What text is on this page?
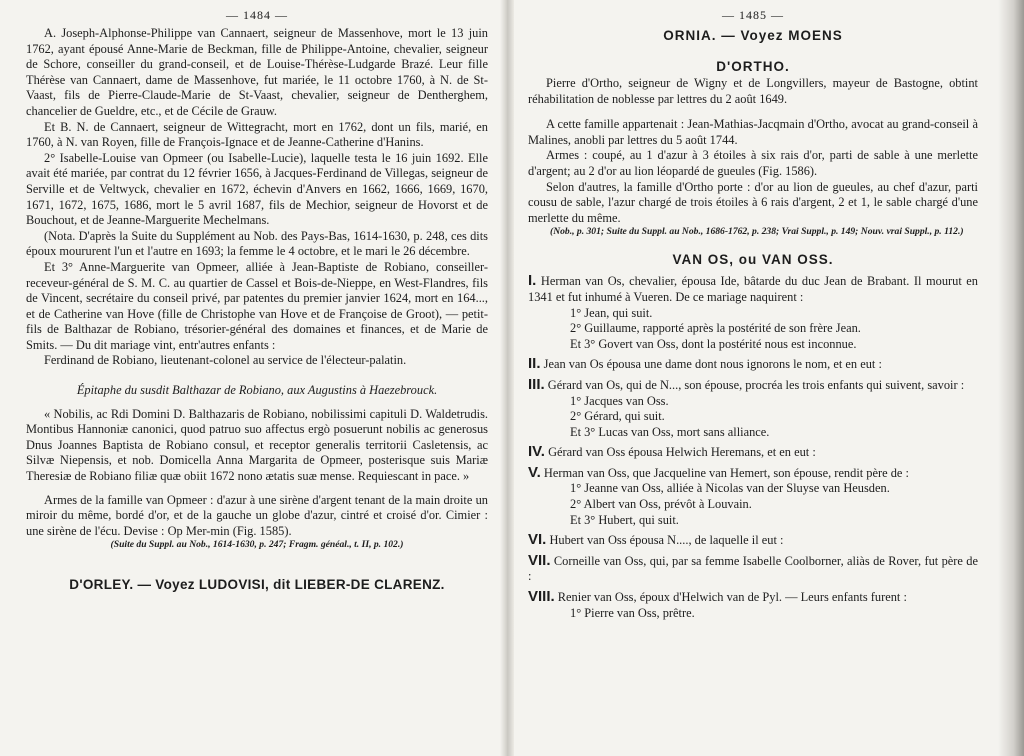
— 1484 —

A. Joseph-Alphonse-Philippe van Cannaert, seigneur de Massenhove, mort le 13 juin 1762, ayant épousé Anne-Marie de Beckman, fille de Philippe-Antoine, chevalier, seigneur de Schore, conseiller du grand-conseil, et de Louise-Thérèse-Ludgarde Brazé. Leur fille Thérèse van Cannaert, dame de Massenhove, fut mariée, le 11 octobre 1760, à N. de St-Vaast, fils de Pierre-Claude-Marie de St-Vaast, chevalier, seigneur de Dentherghem, chancelier de Gueldre, etc., et de Cécile de Grauw.

Et B. N. de Cannaert, seigneur de Wittegracht, mort en 1762, dont un fils, marié, en 1760, à N. van Royen, fille de François-Ignace et de Jeanne-Catherine d'Hanins.

2° Isabelle-Louise van Opmeer (ou Isabelle-Lucie), laquelle testa le 16 juin 1692. Elle avait été mariée, par contrat du 12 février 1656, à Jacques-Ferdinand de Villegas, seigneur de Serville et de Veltwyck, chevalier en 1672, échevin d'Anvers en 1662, 1666, 1669, 1670, 1671, 1672, 1675, 1686, mort le 5 avril 1687, fils de Mechior, seigneur de Hovorst et de Bouchout, et de Jeanne-Marguerite Mechelmans.

(Nota. D'après la Suite du Supplément au Nob. des Pays-Bas, 1614-1630, p. 248, ces dits époux moururent l'un et l'autre en 1693; la femme le 4 octobre, et le mari le 26 décembre.

Et 3° Anne-Marguerite van Opmeer, alliée à Jean-Baptiste de Robiano, conseiller-receveur-général de S. M. C. au quartier de Cassel et Bois-de-Nieppe, en West-Flandres, fils de Vincent, secrétaire du conseil privé, par patentes du premier janvier 1624, mort en 164..., et de Catherine van Hove (fille de Christophe van Hove et de Françoise de Groot), — petit-fils de Balthazar de Robiano, trésorier-général des domaines et finances, et de Marie de Smits. — Du dit mariage vint, entr'autres enfants :

Ferdinand de Robiano, lieutenant-colonel au service de l'électeur-palatin.

Épitaphe du susdit Balthazar de Robiano, aux Augustins à Haezebrouck.

« Nobilis, ac Rdi Domini D. Balthazaris de Robiano, nobilissimi capituli D. Waldetrudis. Montibus Hannoniæ canonici, quod patruo suo affectus ergò posuerunt nobilis ac generosus Dnus Joannes Baptista de Robiano consul, et receptor generalis territorii Casletensis, ac Silvæ Niepensis, et nob. Domicella Anna Margarita de Opmeer, posterisque suis Mariæ Theresiæ de Robiano filiæ quæ obiit 1672 nono ætatis suæ mense. Requiescant in pace. »

Armes de la famille van Opmeer : d'azur à une sirène d'argent tenant de la main droite un miroir du même, bordé d'or, et de la gauche un globe d'azur, cintré et croisé d'or. Cimier : une sirène de l'écu. Devise : Op Mer-min (Fig. 1585).

(Suite du Suppl. au Nob., 1614-1630, p. 247; Fragm. généal., t. II, p. 102.)

D'ORLEY. — Voyez LUDOVISI, dit LIEBER-DE CLARENZ.
— 1485 —
ORNIA. — Voyez MOENS
D'ORTHO.

Pierre d'Ortho, seigneur de Wigny et de Longvillers, mayeur de Bastogne, obtint réhabilitation de noblesse par lettres du 2 août 1649.

A cette famille appartenait : Jean-Mathias-Jacqmain d'Ortho, avocat au grand-conseil à Malines, anobli par lettres du 5 août 1744.

Armes : coupé, au 1 d'azur à 3 étoiles à six rais d'or, parti de sable à une merlette d'argent; au 2 d'or au lion léopardé de gueules (Fig. 1586).

Selon d'autres, la famille d'Ortho porte : d'or au lion de gueules, au chef d'azur, parti cousu de sable, l'azur chargé de trois étoiles à 6 rais d'argent, 2 et 1, le sable chargé d'une merlette du même.

(Nob., p. 301; Suite du Suppl. au Nob., 1686-1762, p. 238; Vrai Suppl., p. 149; Nouv. vrai Suppl., p. 112.)

VAN OS, ou VAN OSS.

I. Herman van Os, chevalier, épousa Ide, bâtarde du duc Jean de Brabant. Il mourut en 1341 et fut inhumé à Vueren. De ce mariage naquirent :

1° Jean, qui suit.

2° Guillaume, rapporté après la postérité de son frère Jean.

Et 3° Govert van Oss, dont la postérité nous est inconnue.

II. Jean van Os épousa une dame dont nous ignorons le nom, et en eut :

III. Gérard van Os, qui de N..., son épouse, procréa les trois enfants qui suivent, savoir :

1° Jacques van Oss.

2° Gérard, qui suit.

Et 3° Lucas van Oss, mort sans alliance.

IV. Gérard van Oss épousa Helwich Heremans, et en eut :

V. Herman van Oss, que Jacqueline van Hemert, son épouse, rendit père de :

1° Jeanne van Oss, alliée à Nicolas van der Sluyse van Heusden.

2° Albert van Oss, prévôt à Louvain.

Et 3° Hubert, qui suit.

VI. Hubert van Oss épousa N...., de laquelle il eut :

VII. Corneille van Oss, qui, par sa femme Isabelle Coolborner, aliàs de Rover, fut père de :

VIII. Renier van Oss, époux d'Helwich van de Pyl. — Leurs enfants furent :

1° Pierre van Oss, prêtre.
